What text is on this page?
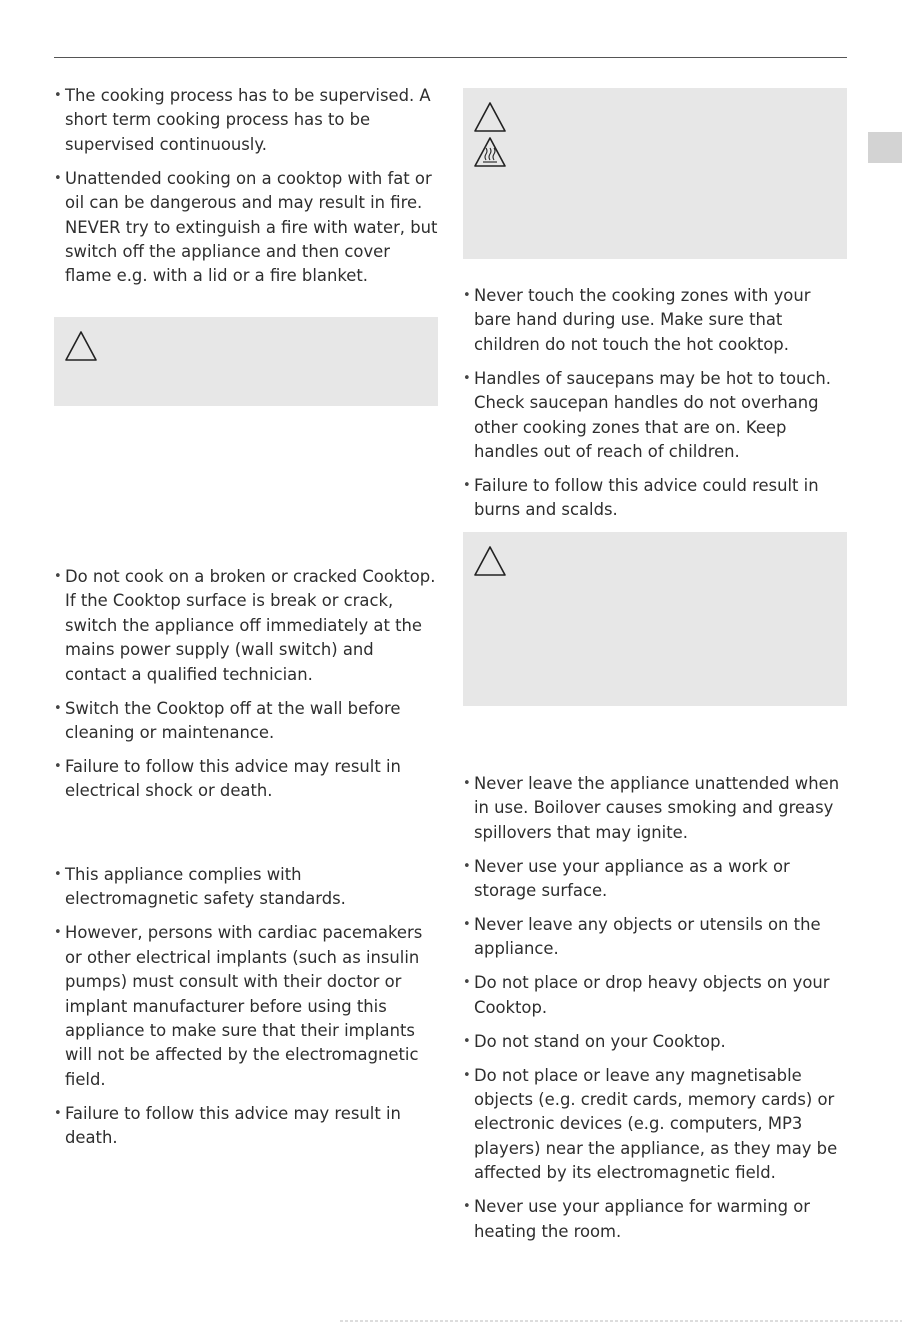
• The cooking process has to be supervised. A short term cooking process has to be supervised continuously.
• Unattended cooking on a cooktop with fat or oil can be dangerous and may result in fire. NEVER try to extinguish a fire with water, but switch off the appliance and then cover flame e.g. with a lid or a fire blanket.
• Do not cook on a broken or cracked Cooktop. If the Cooktop surface is break or crack, switch the appliance off immediately at the mains power supply (wall switch) and contact a qualified technician.
• Switch the Cooktop off at the wall before cleaning or maintenance.
• Failure to follow this advice may result in electrical shock or death.
• This appliance complies with electromagnetic safety standards.
• However, persons with cardiac pacemakers or other electrical implants (such as insulin pumps) must consult with their doctor or implant manufacturer before using this appliance to make sure that their implants will not be affected by the electromagnetic field.
• Failure to follow this advice may result in death.
• Never touch the cooking zones with your bare hand during use. Make sure that children do not touch the hot cooktop.
• Handles of saucepans may be hot to touch. Check saucepan handles do not overhang other cooking zones that are on. Keep handles out of reach of children.
• Failure to follow this advice could result in burns and scalds.
• Never leave the appliance unattended when in use. Boilover causes smoking and greasy spillovers that may ignite.
• Never use your appliance as a work or storage surface.
• Never leave any objects or utensils on the appliance.
• Do not place or drop heavy objects on your Cooktop.
• Do not stand on your Cooktop.
• Do not place or leave any magnetisable objects (e.g. credit cards, memory cards) or electronic devices (e.g. computers, MP3 players) near the appliance, as they may be affected by its electromagnetic field.
• Never use your appliance for warming or heating the room.
